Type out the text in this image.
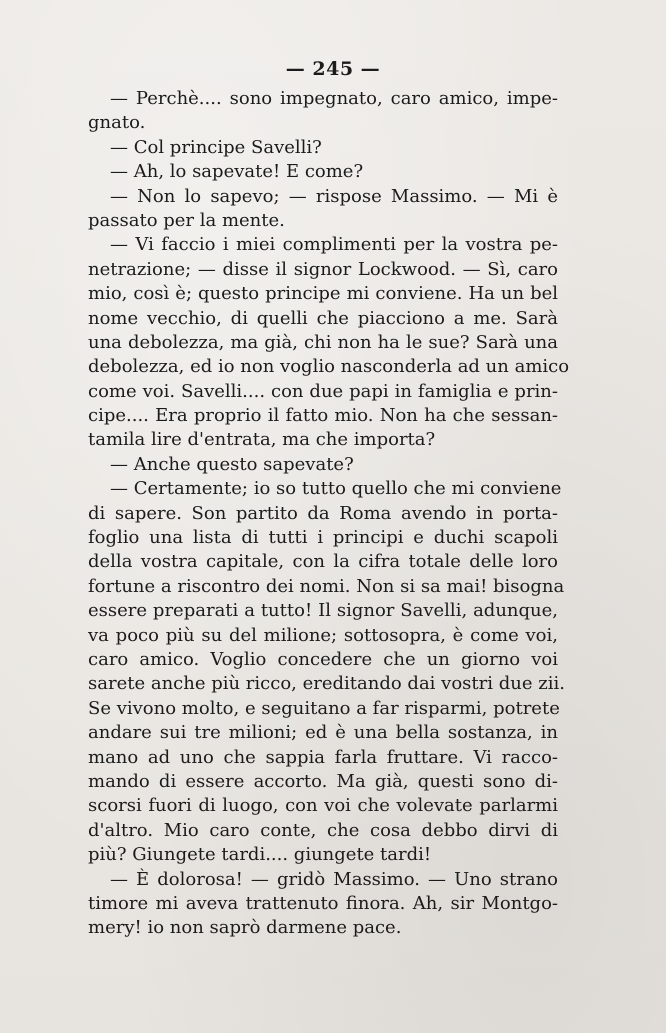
— 245 —
— Perchè.... sono impegnato, caro amico, impe-
gnato.
— Col principe Savelli?
— Ah, lo sapevate! E come?
— Non lo sapevo; — rispose Massimo. — Mi è
passato per la mente.
— Vi faccio i miei complimenti per la vostra pe-
netrazione; — disse il signor Lockwood. — Sì, caro
mio, così è; questo principe mi conviene. Ha un bel
nome vecchio, di quelli che piacciono a me. Sarà
una debolezza, ma già, chi non ha le sue? Sarà una
debolezza, ed io non voglio nasconderla ad un amico
come voi. Savelli.... con due papi in famiglia e prin-
cipe.... Era proprio il fatto mio. Non ha che sessan-
tamila lire d'entrata, ma che importa?
— Anche questo sapevate?
— Certamente; io so tutto quello che mi conviene
di sapere. Son partito da Roma avendo in porta-
foglio una lista di tutti i principi e duchi scapoli
della vostra capitale, con la cifra totale delle loro
fortune a riscontro dei nomi. Non si sa mai! bisogna
essere preparati a tutto! Il signor Savelli, adunque,
va poco più su del milione; sottosopra, è come voi,
caro amico. Voglio concedere che un giorno voi
sarete anche più ricco, ereditando dai vostri due zii.
Se vivono molto, e seguitano a far risparmi, potrete
andare sui tre milioni; ed è una bella sostanza, in
mano ad uno che sappia farla fruttare. Vi racco-
mando di essere accorto. Ma già, questi sono di-
scorsi fuori di luogo, con voi che volevate parlarmi
d'altro. Mio caro conte, che cosa debbo dirvi di
più? Giungete tardi.... giungete tardi!
— È dolorosa! — gridò Massimo. — Uno strano
timore mi aveva trattenuto finora. Ah, sir Montgo-
mery! io non saprò darmene pace.
